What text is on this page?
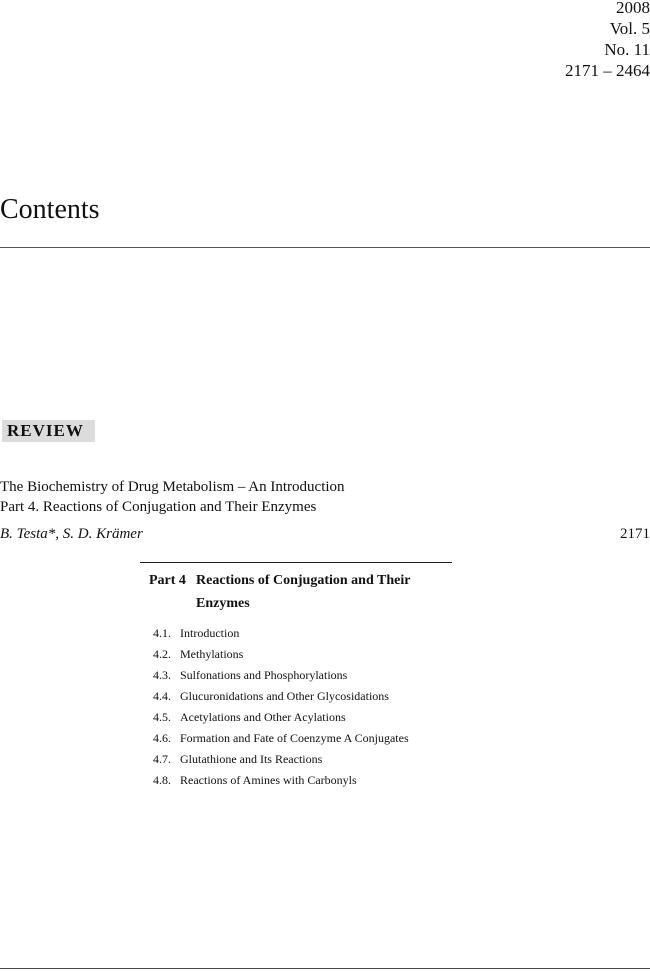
2008
Vol. 5
No. 11
2171 – 2464
Contents
REVIEW
The Biochemistry of Drug Metabolism – An Introduction
Part 4. Reactions of Conjugation and Their Enzymes
B. Testa*, S. D. Krämer	2171
Part 4 Reactions of Conjugation and Their Enzymes
4.1. Introduction
4.2. Methylations
4.3. Sulfonations and Phosphorylations
4.4. Glucuronidations and Other Glycosidations
4.5. Acetylations and Other Acylations
4.6. Formation and Fate of Coenzyme A Conjugates
4.7. Glutathione and Its Reactions
4.8. Reactions of Amines with Carbonyls
